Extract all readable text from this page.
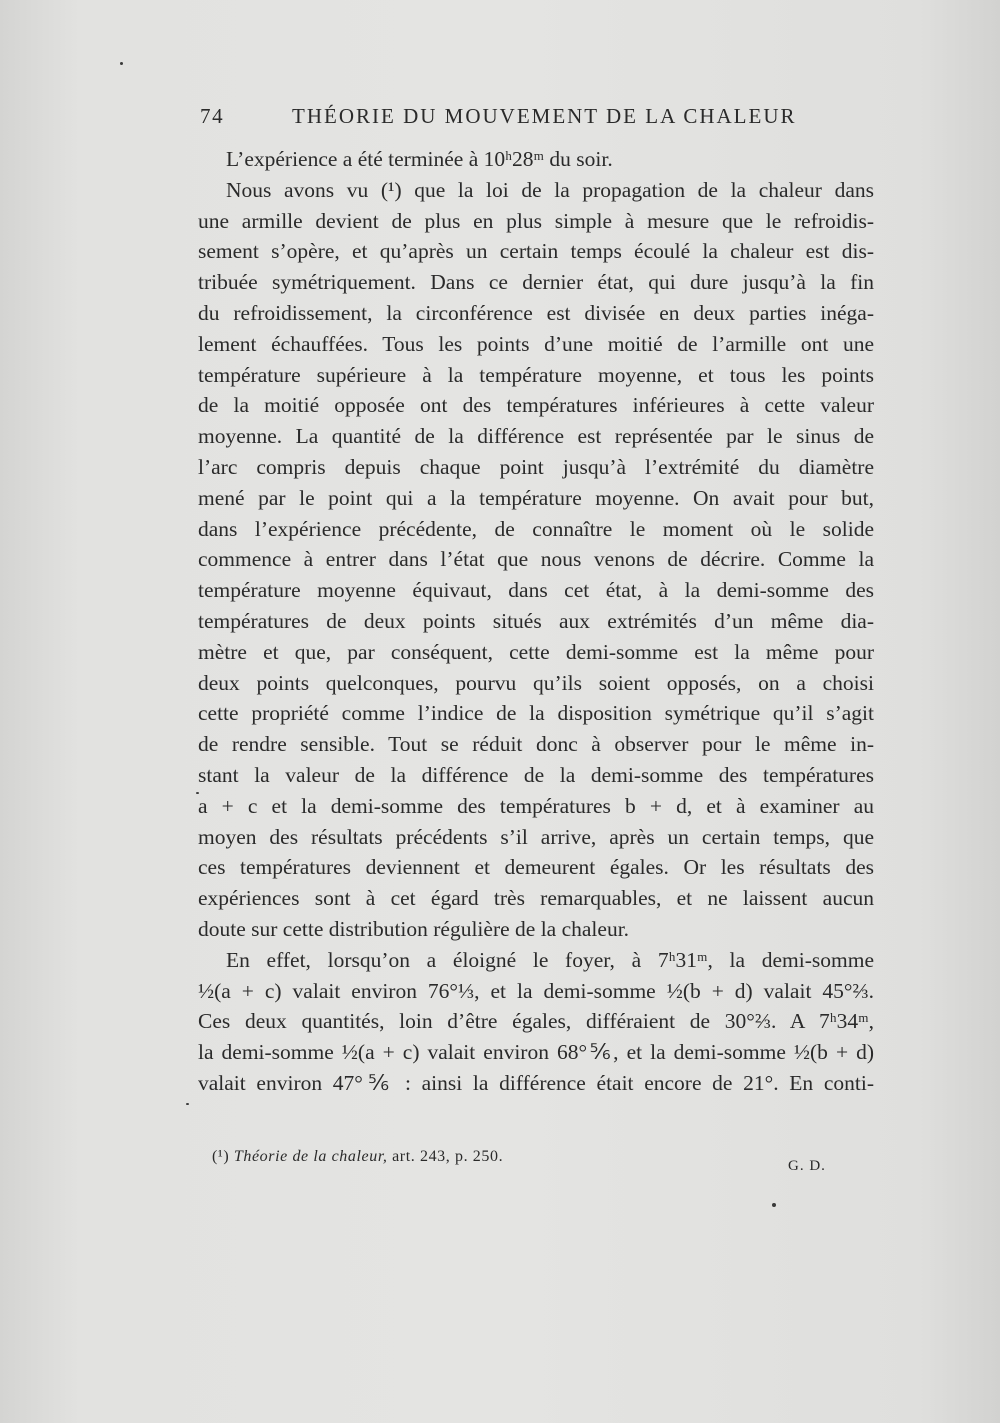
74	THÉORIE DU MOUVEMENT DE LA CHALEUR
L’expérience a été terminée à 10ʰ28ᵐ du soir.
Nous avons vu (¹) que la loi de la propagation de la chaleur dans
une armille devient de plus en plus simple à mesure que le refroidis-
sement s’opère, et qu’après un certain temps écoulé la chaleur est dis-
tribuée symétriquement. Dans ce dernier état, qui dure jusqu’à la fin
du refroidissement, la circonférence est divisée en deux parties inéga-
lement échauffées. Tous les points d’une moitié de l’armille ont une
température supérieure à la température moyenne, et tous les points
de la moitié opposée ont des températures inférieures à cette valeur
moyenne. La quantité de la différence est représentée par le sinus de
l’arc compris depuis chaque point jusqu’à l’extrémité du diamètre
mené par le point qui a la température moyenne. On avait pour but,
dans l’expérience précédente, de connaître le moment où le solide
commence à entrer dans l’état que nous venons de décrire. Comme la
température moyenne équivaut, dans cet état, à la demi-somme des
températures de deux points situés aux extrémités d’un même dia-
mètre et que, par conséquent, cette demi-somme est la même pour
deux points quelconques, pourvu qu’ils soient opposés, on a choisi
cette propriété comme l’indice de la disposition symétrique qu’il s’agit
de rendre sensible. Tout se réduit donc à observer pour le même in-
stant la valeur de la différence de la demi-somme des températures
a + c et la demi-somme des températures b + d, et à examiner au
moyen des résultats précédents s’il arrive, après un certain temps, que
ces températures deviennent et demeurent égales. Or les résultats des
expériences sont à cet égard très remarquables, et ne laissent aucun
doute sur cette distribution régulière de la chaleur.
En effet, lorsqu’on a éloigné le foyer, à 7ʰ31ᵐ, la demi-somme
½(a + c) valait environ 76°⅓, et la demi-somme ½(b + d) valait 45°⅔.
Ces deux quantités, loin d’être égales, différaient de 30°⅔. A 7ʰ34ᵐ,
la demi-somme ½(a + c) valait environ 68°⅚, et la demi-somme ½(b + d)
valait environ 47°⅚ : ainsi la différence était encore de 21°. En conti-
(¹) Théorie de la chaleur, art. 243, p. 250.
G. D.
